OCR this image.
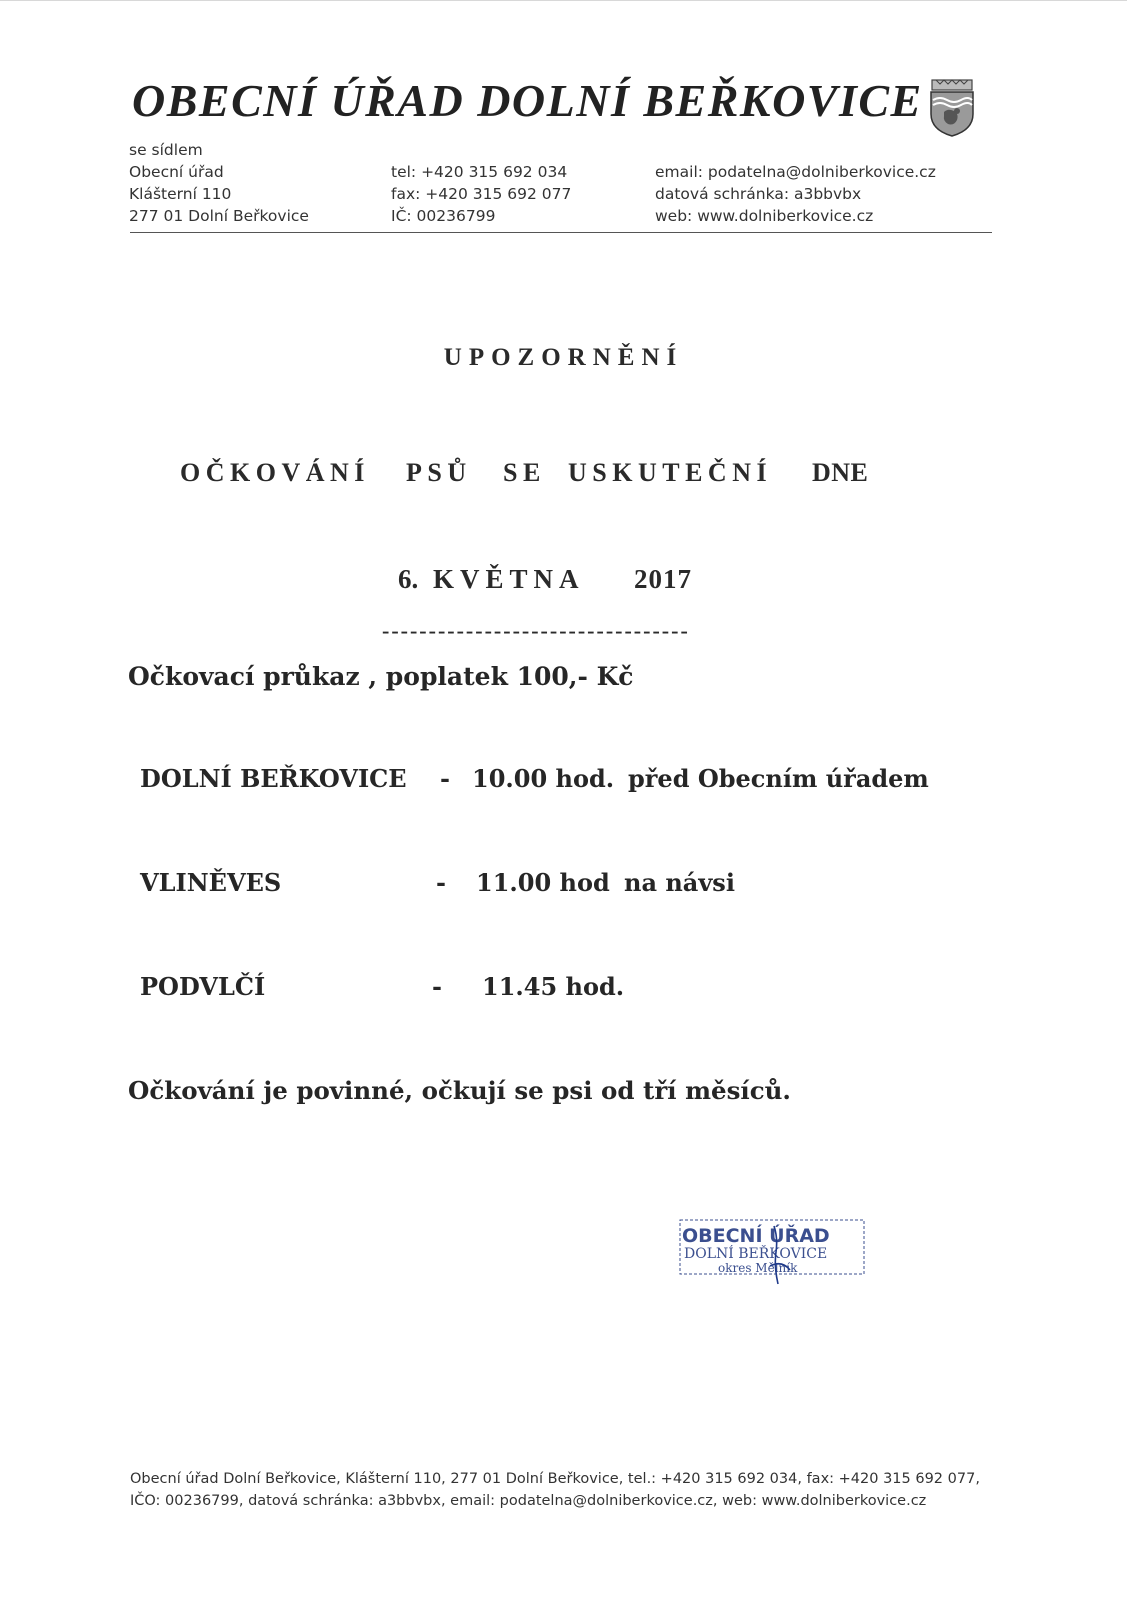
OBECNÍ ÚŘAD DOLNÍ BEŘKOVICE
se sídlem
Obecní úřad
Klášterní 110
277 01 Dolní Beřkovice
tel: +420 315 692 034
fax: +420 315 692 077
IČ: 00236799
email: podatelna@dolniberkovice.cz
datová schránka: a3bbvbx
web: www.dolniberkovice.cz
UPOZORNĚNÍ
OČKOVÁNÍ PSŮ SE USKUTEČNÍ DNE
6. KVĚTNA 2017
---------------------------------
Očkovací průkaz , poplatek 100,- Kč
DOLNÍ BEŘKOVICE - 10.00 hod. před Obecním úřadem
VLINĚVES	- 11.00 hod na návsi
PODVLČÍ	- 11.45 hod.
Očkování je povinné, očkují se psi od tří měsíců.
OBECNÍ ÚŘAD
DOLNÍ BEŘKOVICE
okres Mělník
Obecní úřad Dolní Beřkovice, Klášterní 110, 277 01 Dolní Beřkovice, tel.: +420 315 692 034, fax: +420 315 692 077,
IČO: 00236799, datová schránka: a3bbvbx, email: podatelna@dolniberkovice.cz, web: www.dolniberkovice.cz
